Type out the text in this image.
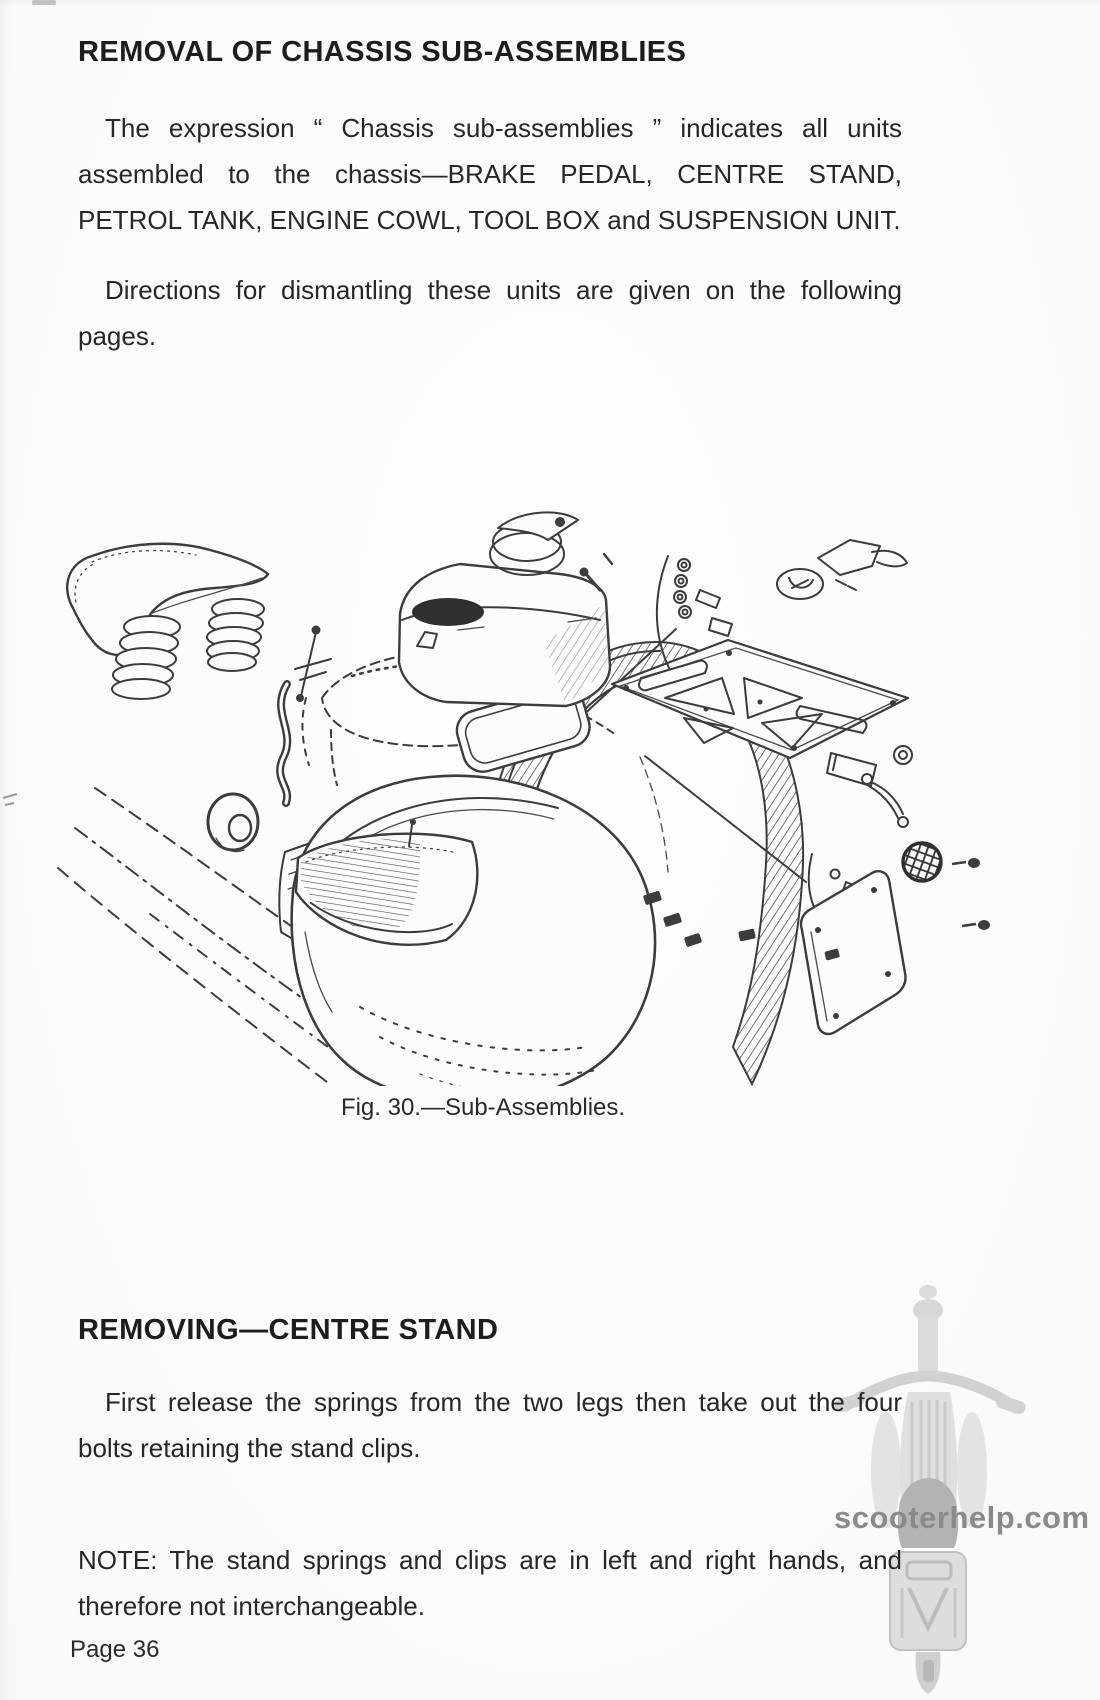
REMOVAL OF CHASSIS SUB-ASSEMBLIES

The expression “ Chassis sub-assemblies ” indicates all units assembled to the chassis—BRAKE PEDAL, CENTRE STAND, PETROL TANK, ENGINE COWL, TOOL BOX and SUSPENSION UNIT.

Directions for dismantling these units are given on the following pages.

Fig. 30.—Sub-Assemblies.
REMOVING—CENTRE STAND

First release the springs from the two legs then take out the four bolts retaining the stand clips.

NOTE: The stand springs and clips are in left and right hands, and therefore not interchangeable.

scooterhelp.com
Page 36
